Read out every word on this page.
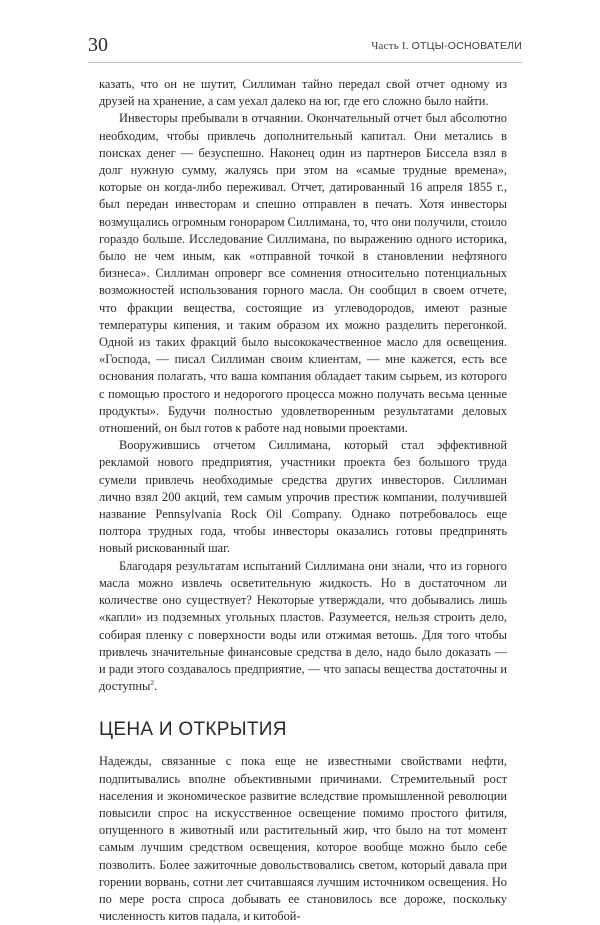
30	Часть I. ОТЦЫ-ОСНОВАТЕЛИ

казать, что он не шутит, Силлиман тайно передал свой отчет одному из друзей на хранение, а сам уехал далеко на юг, где его сложно было найти.

Инвесторы пребывали в отчаянии. Окончательный отчет был абсолютно необходим, чтобы привлечь дополнительный капитал. Они метались в поисках денег — безуспешно. Наконец один из партнеров Биссела взял в долг нужную сумму, жалуясь при этом на «самые трудные времена», которые он когда-либо переживал. Отчет, датированный 16 апреля 1855 г., был передан инвесторам и спешно отправлен в печать. Хотя инвесторы возмущались огромным гонораром Силлимана, то, что они получили, стоило гораздо больше. Исследование Силлимана, по выражению одного историка, было не чем иным, как «отправной точкой в становлении нефтяного бизнеса». Силлиман опроверг все сомнения относительно потенциальных возможностей использования горного масла. Он сообщил в своем отчете, что фракции вещества, состоящие из углеводородов, имеют разные температуры кипения, и таким образом их можно разделить перегонкой. Одной из таких фракций было высококачественное масло для освещения. «Господа, — писал Силлиман своим клиентам, — мне кажется, есть все основания полагать, что ваша компания обладает таким сырьем, из которого с помощью простого и недорогого процесса можно получать весьма ценные продукты». Будучи полностью удовлетворенным результатами деловых отношений, он был готов к работе над новыми проектами.

Вооружившись отчетом Силлимана, который стал эффективной рекламой нового предприятия, участники проекта без большого труда сумели привлечь необходимые средства других инвесторов. Силлиман лично взял 200 акций, тем самым упрочив престиж компании, получившей название Pennsylvania Rock Oil Company. Однако потребовалось еще полтора трудных года, чтобы инвесторы оказались готовы предпринять новый рискованный шаг.

Благодаря результатам испытаний Силлимана они знали, что из горного масла можно извлечь осветительную жидкость. Но в достаточном ли количестве оно существует? Некоторые утверждали, что добывались лишь «капли» из подземных угольных пластов. Разумеется, нельзя строить дело, собирая пленку с поверхности воды или отжимая ветошь. Для того чтобы привлечь значительные финансовые средства в дело, надо было доказать — и ради этого создавалось предприятие, — что запасы вещества достаточны и доступны$^2$.

ЦЕНА И ОТКРЫТИЯ

Надежды, связанные с пока еще не известными свойствами нефти, подпитывались вполне объективными причинами. Стремительный рост населения и экономическое развитие вследствие промышленной революции повысили спрос на искусственное освещение помимо простого фитиля, опущенного в животный или растительный жир, что было на тот момент самым лучшим средством освещения, которое вообще можно было себе позволить. Более зажиточные довольствовались светом, который давала при горении ворвань, сотни лет считавшаяся лучшим источником освещения. Но по мере роста спроса добывать ее становилось все дороже, поскольку численность китов падала, и китобой-
